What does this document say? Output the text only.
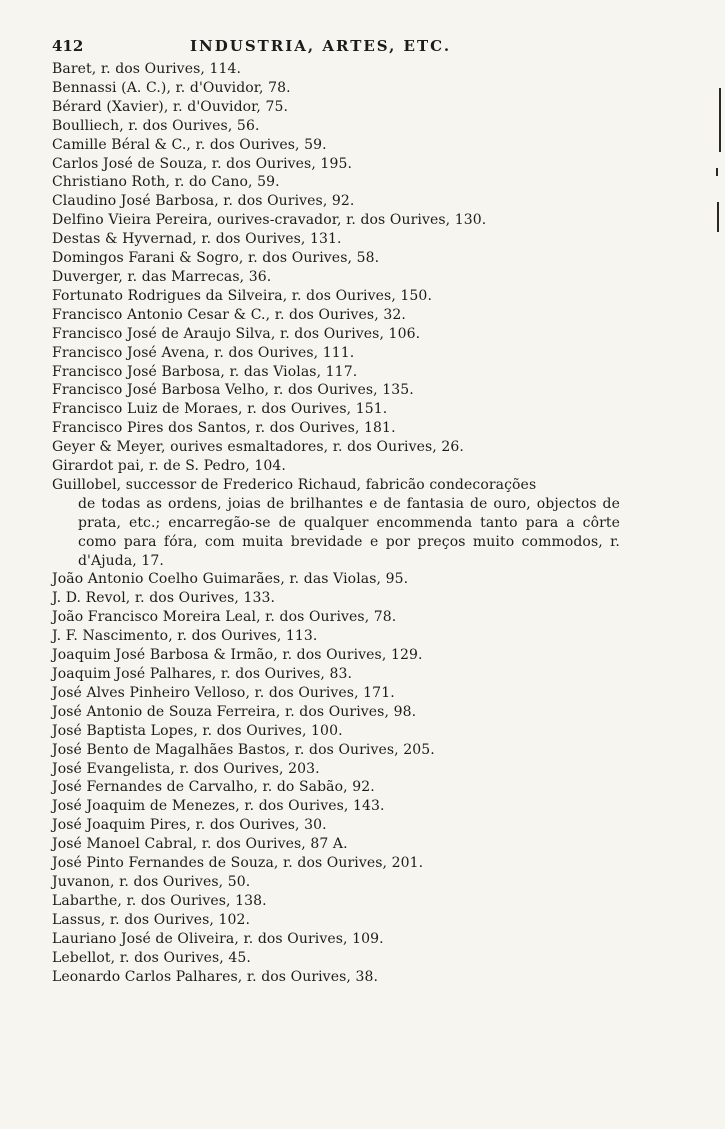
412	INDUSTRIA, ARTES, ETC.
Baret, r. dos Ourives, 114.
Bennassi (A. C.), r. d'Ouvidor, 78.
Bérard (Xavier), r. d'Ouvidor, 75.
Boulliech, r. dos Ourives, 56.
Camille Béral & C., r. dos Ourives, 59.
Carlos José de Souza, r. dos Ourives, 195.
Christiano Roth, r. do Cano, 59.
Claudino José Barbosa, r. dos Ourives, 92.
Delfino Vieira Pereira, ourives-cravador, r. dos Ourives, 130.
Destas & Hyvernad, r. dos Ourives, 131.
Domingos Farani & Sogro, r. dos Ourives, 58.
Duverger, r. das Marrecas, 36.
Fortunato Rodrigues da Silveira, r. dos Ourives, 150.
Francisco Antonio Cesar & C., r. dos Ourives, 32.
Francisco José de Araujo Silva, r. dos Ourives, 106.
Francisco José Avena, r. dos Ourives, 111.
Francisco José Barbosa, r. das Violas, 117.
Francisco José Barbosa Velho, r. dos Ourives, 135.
Francisco Luiz de Moraes, r. dos Ourives, 151.
Francisco Pires dos Santos, r. dos Ourives, 181.
Geyer & Meyer, ourives esmaltadores, r. dos Ourives, 26.
Girardot pai, r. de S. Pedro, 104.
Guillobel, successor de Frederico Richaud, fabricão condecorações
de todas as ordens, joias de brilhantes e de fantasia de ouro, objectos de prata, etc.; encarregão-se de qualquer encommenda tanto para a côrte como para fóra, com muita brevidade e por preços muito commodos, r. d'Ajuda, 17.
João Antonio Coelho Guimarães, r. das Violas, 95.
J. D. Revol, r. dos Ourives, 133.
João Francisco Moreira Leal, r. dos Ourives, 78.
J. F. Nascimento, r. dos Ourives, 113.
Joaquim José Barbosa & Irmão, r. dos Ourives, 129.
Joaquim José Palhares, r. dos Ourives, 83.
José Alves Pinheiro Velloso, r. dos Ourives, 171.
José Antonio de Souza Ferreira, r. dos Ourives, 98.
José Baptista Lopes, r. dos Ourives, 100.
José Bento de Magalhães Bastos, r. dos Ourives, 205.
José Evangelista, r. dos Ourives, 203.
José Fernandes de Carvalho, r. do Sabão, 92.
José Joaquim de Menezes, r. dos Ourives, 143.
José Joaquim Pires, r. dos Ourives, 30.
José Manoel Cabral, r. dos Ourives, 87 A.
José Pinto Fernandes de Souza, r. dos Ourives, 201.
Juvanon, r. dos Ourives, 50.
Labarthe, r. dos Ourives, 138.
Lassus, r. dos Ourives, 102.
Lauriano José de Oliveira, r. dos Ourives, 109.
Lebellot, r. dos Ourives, 45.
Leonardo Carlos Palhares, r. dos Ourives, 38.
